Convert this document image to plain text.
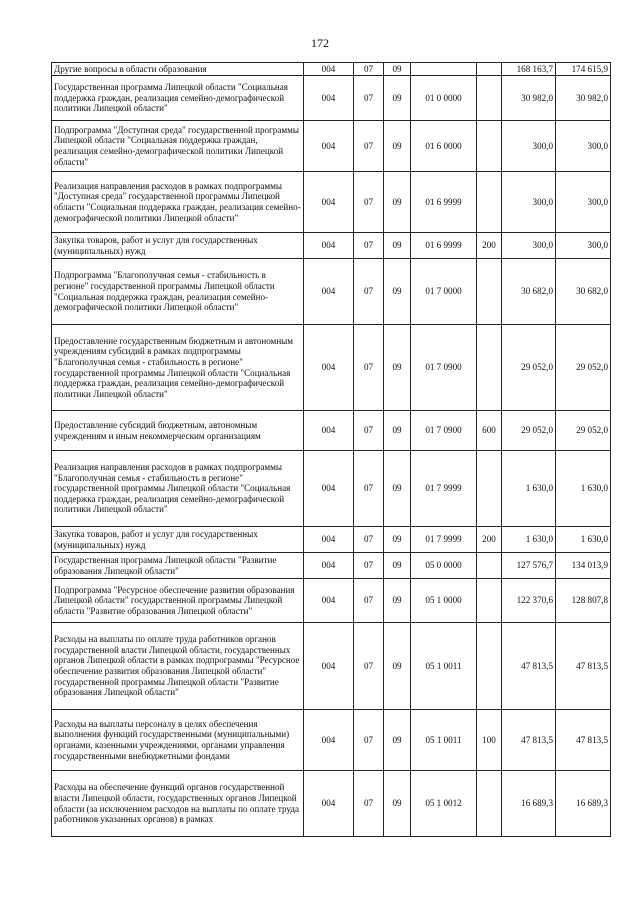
172
Другие вопросы в области образования	004	07	09			168 163,7	174 615,9
Государственная программа Липецкой области "Социальная поддержка граждан, реализация семейно-демографической политики Липецкой области"	004	07	09	01 0 0000		30 982,0	30 982,0
Подпрограмма "Доступная среда" государственной программы Липецкой области "Социальная поддержка граждан, реализация семейно-демографической политики Липецкой области"	004	07	09	01 6 0000		300,0	300,0
Реализация направления расходов в рамках подпрограммы "Доступная среда" государственной программы Липецкой области "Социальная поддержка граждан, реализация семейно-демографической политики Липецкой области"	004	07	09	01 6 9999		300,0	300,0
Закупка товаров, работ и услуг для государственных (муниципальных) нужд	004	07	09	01 6 9999	200	300,0	300,0
Подпрограмма "Благополучная семья - стабильность в регионе" государственной программы Липецкой области "Социальная поддержка граждан, реализация семейно-демографической политики Липецкой области"	004	07	09	01 7 0000		30 682,0	30 682,0
Предоставление государственным бюджетным и автономным учреждениям субсидий в рамках подпрограммы "Благополучная семья - стабильность в регионе" государственной программы Липецкой области "Социальная поддержка граждан, реализация семейно-демографической политики Липецкой области"	004	07	09	01 7 0900		29 052,0	29 052,0
Предоставление субсидий бюджетным, автономным учреждениям и иным некоммерческим организациям	004	07	09	01 7 0900	600	29 052,0	29 052,0
Реализация направления расходов в рамках подпрограммы "Благополучная семья - стабильность в регионе" государственной программы Липецкой области "Социальная поддержка граждан, реализация семейно-демографической политики Липецкой области"	004	07	09	01 7 9999		1 630,0	1 630,0
Закупка товаров, работ и услуг для государственных (муниципальных) нужд	004	07	09	01 7 9999	200	1 630,0	1 630,0
Государственная программа Липецкой области "Развитие образования Липецкой области"	004	07	09	05 0 0000		127 576,7	134 013,9
Подпрограмма "Ресурсное обеспечение развития образования Липецкой области" государственной программы Липецкой области "Развитие образования Липецкой области"	004	07	09	05 1 0000		122 370,6	128 807,8
Расходы на выплаты по оплате труда работников органов государственной власти Липецкой области, государственных органов Липецкой области в рамках подпрограммы "Ресурсное обеспечение развития образования Липецкой области" государственной программы Липецкой области "Развитие образования Липецкой области"	004	07	09	05 1 0011		47 813,5	47 813,5
Расходы на выплаты персоналу в целях обеспечения выполнения функций государственными (муниципальными) органами, казенными учреждениями, органами управления государственными внебюджетными фондами	004	07	09	05 1 0011	100	47 813,5	47 813,5
Расходы на обеспечение функций органов государственной власти Липецкой области, государственных органов Липецкой области (за исключением расходов на выплаты по оплате труда работников указанных органов) в рамках	004	07	09	05 1 0012		16 689,3	16 689,3
